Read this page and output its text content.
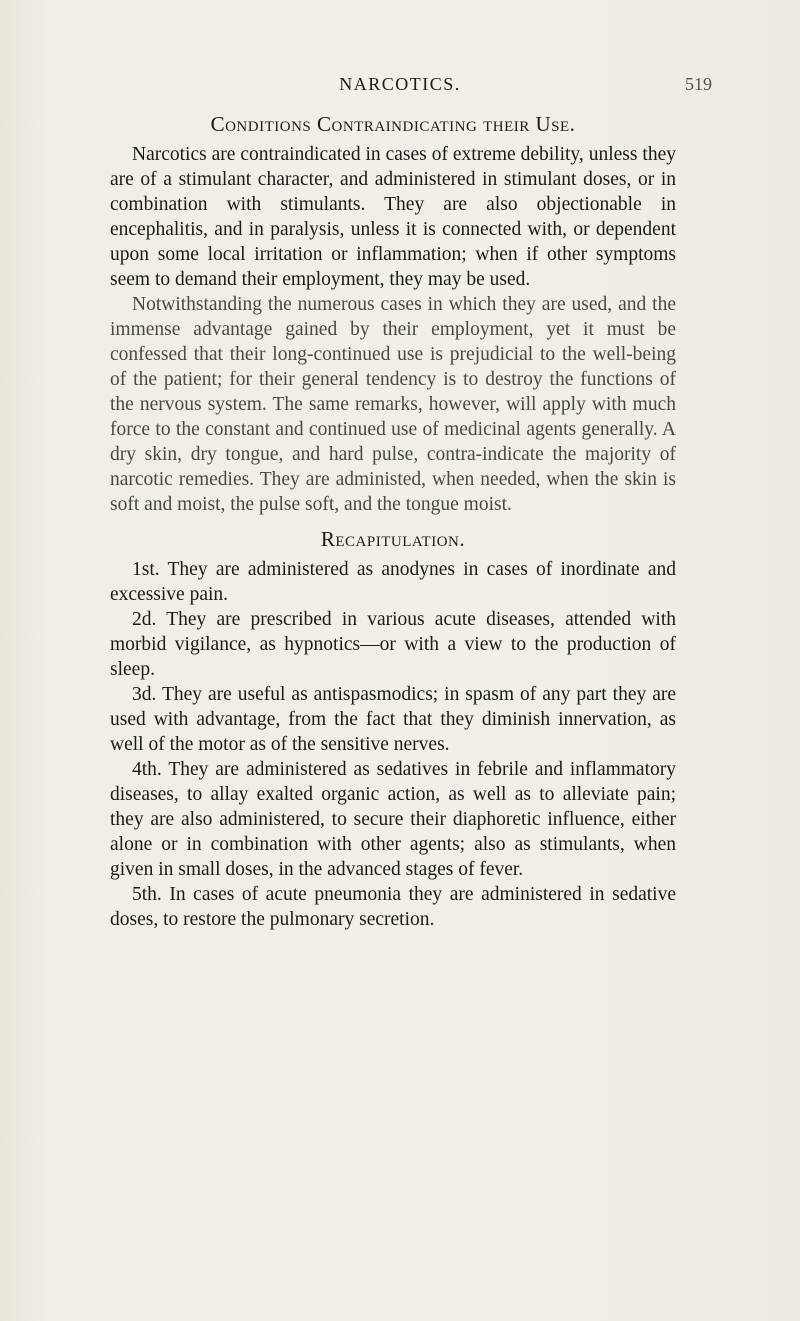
NARCOTICS.	519
Conditions Contraindicating their Use.

Narcotics are contraindicated in cases of extreme debility, unless they are of a stimulant character, and administered in stimulant doses, or in combination with stimulants. They are also objectionable in encephalitis, and in paralysis, unless it is connected with, or dependent upon some local irritation or inflammation; when if other symptoms seem to demand their employment, they may be used.

Notwithstanding the numerous cases in which they are used, and the immense advantage gained by their employment, yet it must be confessed that their long-continued use is prejudicial to the well-being of the patient; for their general tendency is to destroy the functions of the nervous system. The same remarks, however, will apply with much force to the constant and continued use of medicinal agents generally. A dry skin, dry tongue, and hard pulse, contra-indicate the majority of narcotic remedies. They are administed, when needed, when the skin is soft and moist, the pulse soft, and the tongue moist.

Recapitulation.

1st. They are administered as anodynes in cases of inordinate and excessive pain.

2d. They are prescribed in various acute diseases, attended with morbid vigilance, as hypnotics—or with a view to the production of sleep.

3d. They are useful as antispasmodics; in spasm of any part they are used with advantage, from the fact that they diminish innervation, as well of the motor as of the sensitive nerves.

4th. They are administered as sedatives in febrile and inflammatory diseases, to allay exalted organic action, as well as to alleviate pain; they are also administered, to secure their diaphoretic influence, either alone or in combination with other agents; also as stimulants, when given in small doses, in the advanced stages of fever.

5th. In cases of acute pneumonia they are administered in sedative doses, to restore the pulmonary secretion.
